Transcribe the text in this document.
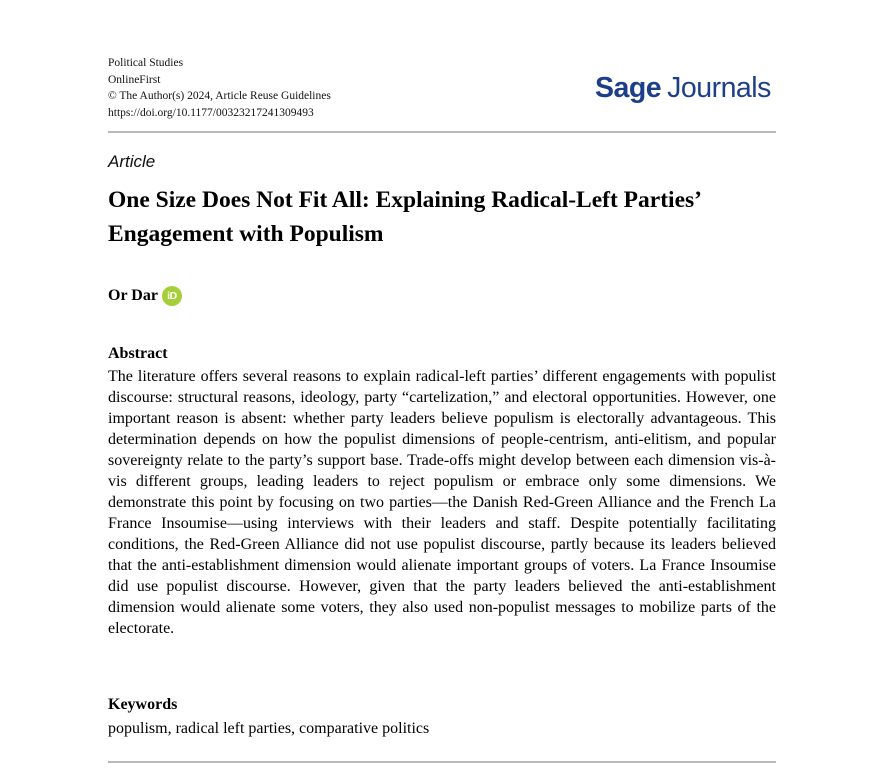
Political Studies
OnlineFirst
© The Author(s) 2024, Article Reuse Guidelines
https://doi.org/10.1177/00323217241309493
Sage Journals
Article
One Size Does Not Fit All: Explaining Radical-Left Parties’ Engagement with Populism
Or Dar iD
Abstract

The literature offers several reasons to explain radical-left parties’ different engagements with populist discourse: structural reasons, ideology, party “cartelization,” and electoral opportunities. However, one important reason is absent: whether party leaders believe populism is electorally advantageous. This determination depends on how the populist dimensions of people-centrism, anti-elitism, and popular sovereignty relate to the party’s support base. Trade-offs might develop between each dimension vis-à-vis different groups, leading leaders to reject populism or embrace only some dimensions. We demonstrate this point by focusing on two parties—the Danish Red-Green Alliance and the French La France Insoumise—using interviews with their leaders and staff. Despite potentially facilitating conditions, the Red-Green Alliance did not use populist discourse, partly because its leaders believed that the anti-establishment dimension would alienate important groups of voters. La France Insoumise did use populist discourse. However, given that the party leaders believed the anti-establishment dimension would alienate some voters, they also used non-populist messages to mobilize parts of the electorate.

Keywords
populism, radical left parties, comparative politics
